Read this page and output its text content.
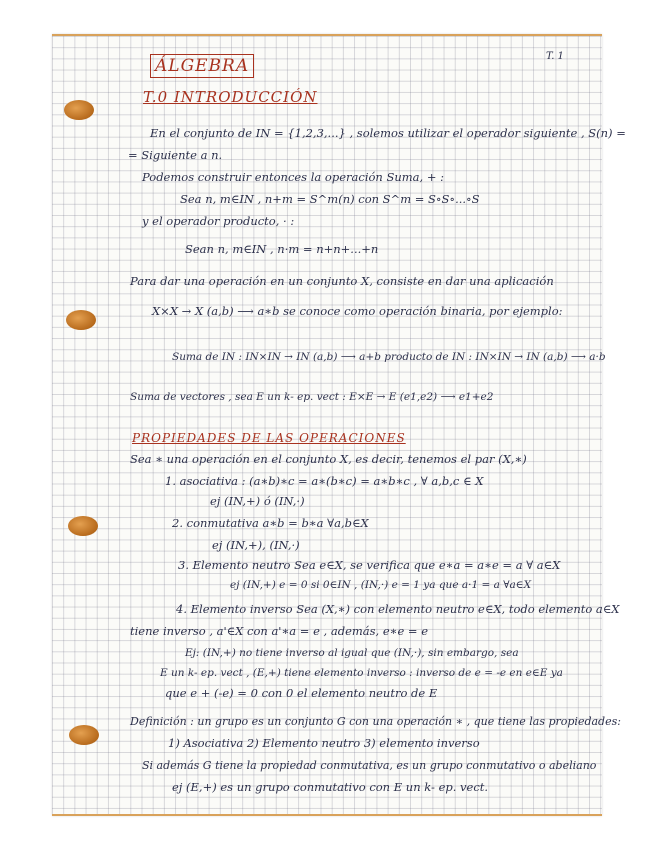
T. 1
ÁLGEBRA
T.0 INTRODUCCIÓN
En el conjunto de IN = {1,2,3,...} , solemos utilizar el operador siguiente , S(n) =
= Siguiente a n.
Podemos construir entonces la operación Suma, + :
Sea n, m∈IN , n+m = S^m(n) con S^m = S∘S∘...∘S
y el operador producto, · :
Sean n, m∈IN , n·m = n+n+...+n
Para dar una operación en un conjunto X, consiste en dar una aplicación
X×X → X (a,b) ⟶ a∗b se conoce como operación binaria, por ejemplo:
Suma de IN : IN×IN → IN (a,b) ⟶ a+b producto de IN : IN×IN → IN (a,b) ⟶ a·b
Suma de vectores , sea E un k- ep. vect : E×E → E (e1,e2) ⟶ e1+e2
PROPIEDADES DE LAS OPERACIONES
Sea ∗ una operación en el conjunto X, es decir, tenemos el par (X,∗)
1. asociativa : (a∗b)∗c = a∗(b∗c) = a∗b∗c , ∀ a,b,c ∈ X
ej (IN,+) ó (IN,·)
2. conmutativa a∗b = b∗a ∀a,b∈X
ej (IN,+), (IN,·)
3. Elemento neutro Sea e∈X, se verifica que e∗a = a∗e = a ∀ a∈X
ej (IN,+) e = 0 si 0∈IN , (IN,·) e = 1 ya que a·1 = a ∀a∈X
4. Elemento inverso Sea (X,∗) con elemento neutro e∈X, todo elemento a∈X
tiene inverso , a'∈X con a'∗a = e , además, e∗e = e
Ej: (IN,+) no tiene inverso al igual que (IN,·), sin embargo, sea
E un k- ep. vect , (E,+) tiene elemento inverso : inverso de e = -e en e∈E ya
que e + (-e) = 0 con 0 el elemento neutro de E
Definición : un grupo es un conjunto G con una operación ∗ , que tiene las propiedades:
1) Asociativa 2) Elemento neutro 3) elemento inverso
Si además G tiene la propiedad conmutativa, es un grupo conmutativo o abeliano
ej (E,+) es un grupo conmutativo con E un k- ep. vect.
